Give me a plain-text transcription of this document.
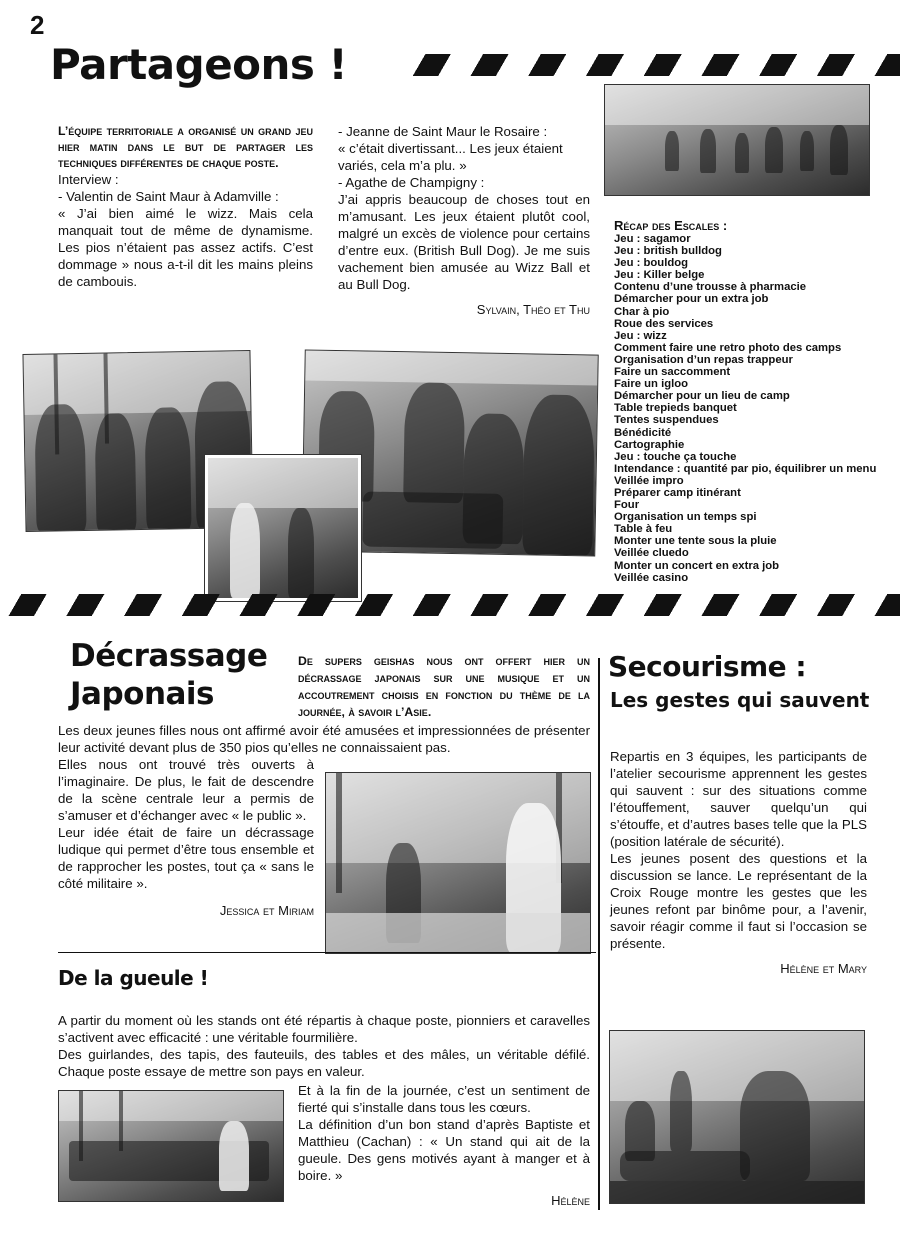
2
Partageons !

L’équipe territoriale a organisé un grand jeu hier matin dans le but de partager les techniques différentes de chaque poste.

Interview :

- Valentin de Saint Maur à Adamville :

« J’ai bien aimé le wizz. Mais cela manquait tout de même de dynamisme. Les pios n’étaient pas assez actifs. C’est dommage » nous a-t-il dit les mains pleins de cambouis.

- Jeanne de Saint Maur le Rosaire :

« c’était divertissant... Les jeux étaient variés, cela m’a plu. »

- Agathe de Champigny :

J’ai appris beaucoup de choses tout en m’amusant. Les jeux étaient plutôt cool, malgré un excès de violence pour certains d’entre eux. (British Bull Dog). Je me suis vachement bien amusée au Wizz Ball et au Bull Dog.

Sylvain, Théo et Thu

Récap des Escales :

Jeu : sagamor
Jeu : british bulldog
Jeu : bouldog
Jeu : Killer belge
Contenu d’une trousse à pharmacie
Démarcher pour un extra job
Char à pio
Roue des services
Jeu : wizz
Comment faire une retro photo des camps
Organisation d’un repas trappeur
Faire un saccomment
Faire un igloo
Démarcher pour un lieu de camp
Table trepieds banquet
Tentes suspendues
Bénédicité
Cartographie
Jeu : touche ça touche
Intendance : quantité par pio, équilibrer un menu
Veillée impro
Préparer camp itinérant
Four
Organisation un temps spi
Table à feu
Monter une tente sous la pluie
Veillée cluedo
Monter un concert en extra job
Veillée casino
Décrassage
Japonais

De supers geishas nous ont offert hier un décrassage japonais sur une musique et un accoutrement choisis en fonction du thème de la journée, à savoir l’Asie.

Les deux jeunes filles nous ont affirmé avoir été amusées et impressionnées de présenter leur activité devant plus de 350 pios qu’elles ne connaissaient pas.

Elles nous ont trouvé très ouverts à l’imaginaire. De plus, le fait de descendre de la scène centrale leur a permis de s’amuser et d’échanger avec « le public ».

Leur idée était de faire un décrassage ludique qui permet d’être tous ensemble et de rapprocher les postes, tout ça « sans le côté militaire ».

Jessica et Miriam

De la gueule !

A partir du moment où les stands ont été répartis à chaque poste, pionniers et caravelles s’activent avec efficacité : une véritable fourmilière.

Des guirlandes, des tapis, des fauteuils, des tables et des mâles, un véritable défilé. Chaque poste essaye de mettre son pays en valeur.

Et à la fin de la journée, c’est un sentiment de fierté qui s’installe dans tous les cœurs.

La définition d’un bon stand d’après Baptiste et Matthieu (Cachan) : « Un stand qui ait de la gueule. Des gens motivés ayant à manger et à boire. »

Hélène

Secourisme :
Les gestes qui sauvent

Repartis en 3 équipes, les participants de l’atelier secourisme apprennent les gestes qui sauvent : sur des situations comme l’étouffement, sauver quelqu’un qui s’étouffe, et d’autres bases telle que la PLS (position latérale de sécurité).

Les jeunes posent des questions et la discussion se lance. Le représentant de la Croix Rouge montre les gestes que les jeunes refont par binôme pour, a l’avenir, savoir réagir comme il faut si l’occasion se présente.

Hélène et Mary
